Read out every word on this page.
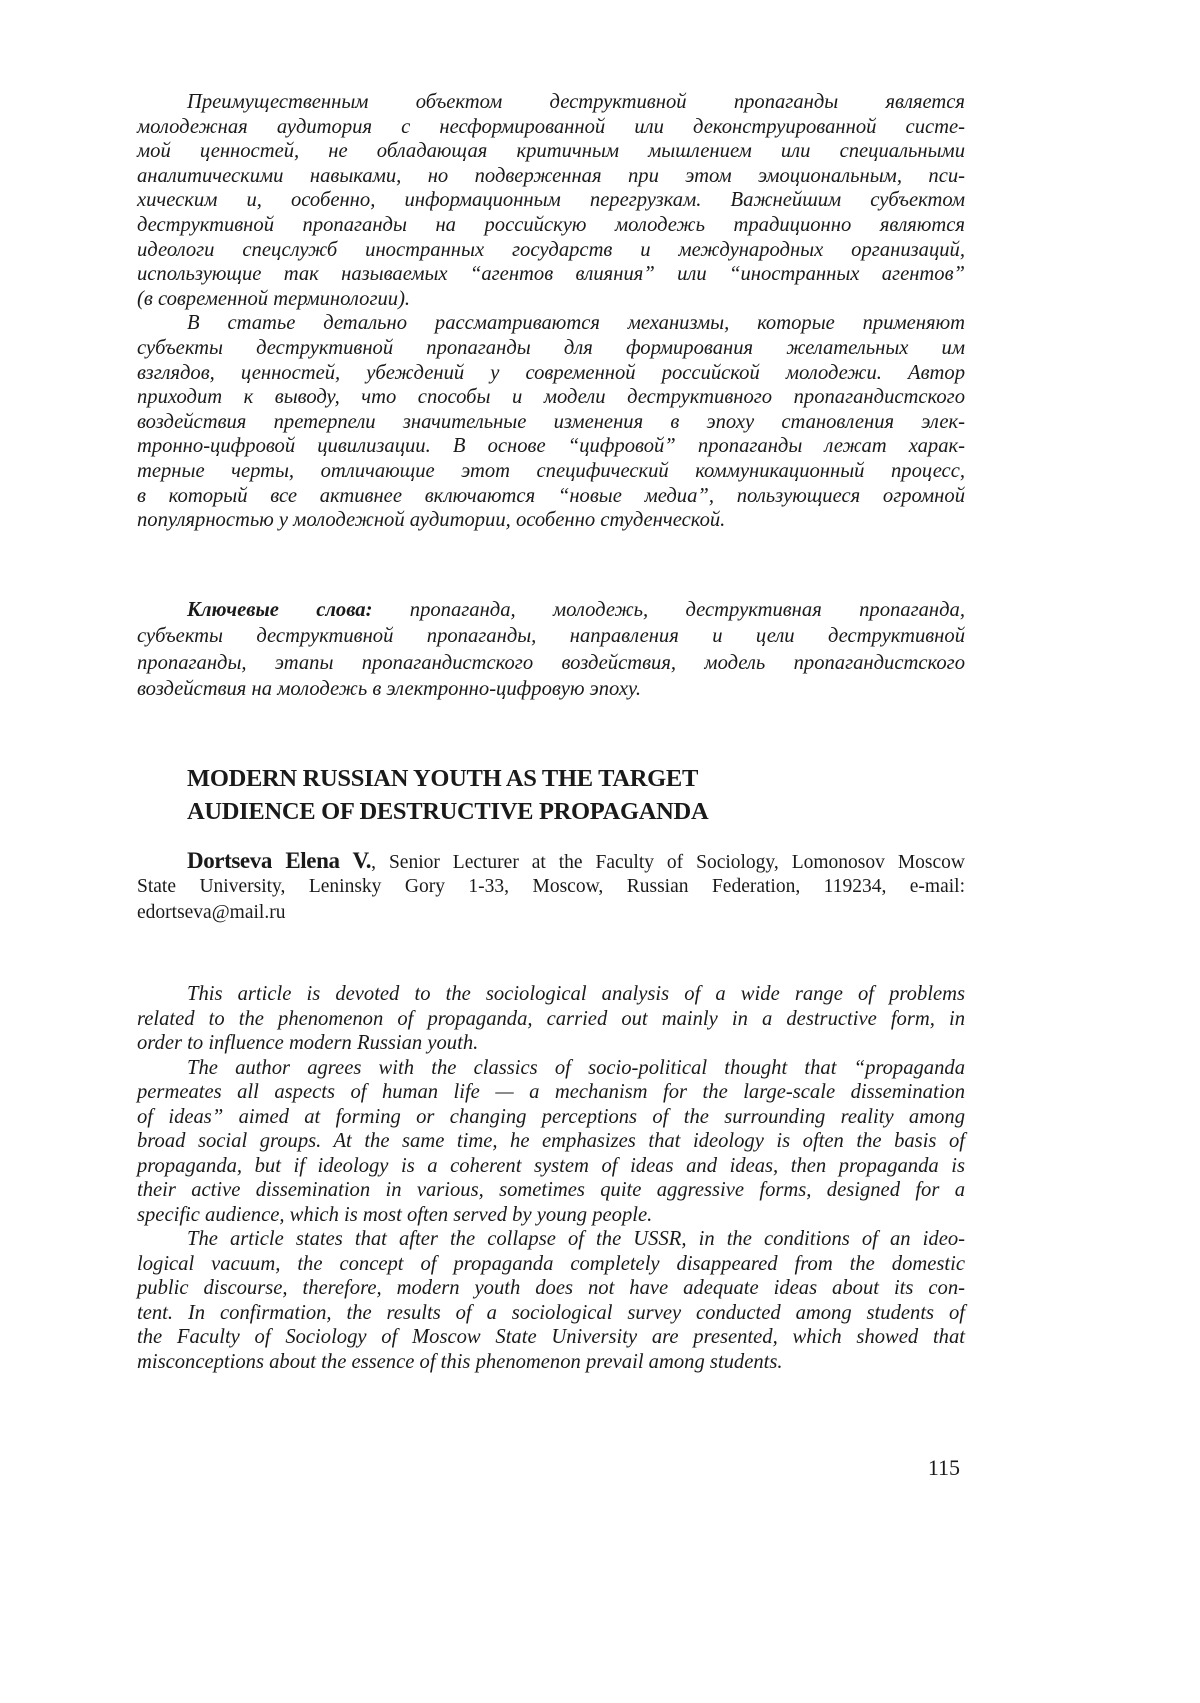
Преимущественным объектом деструктивной пропаганды является
молодежная аудитория с несформированной или деконструированной систе-
мой ценностей, не обладающая критичным мышлением или специальными
аналитическими навыками, но подверженная при этом эмоциональным, пси-
хическим и, особенно, информационным перегрузкам. Важнейшим субъектом
деструктивной пропаганды на российскую молодежь традиционно являются
идеологи спецслужб иностранных государств и международных организаций,
использующие так называемых “агентов влияния” или “иностранных агентов”
(в современной терминологии).
В статье детально рассматриваются механизмы, которые применяют
субъекты деструктивной пропаганды для формирования желательных им
взглядов, ценностей, убеждений у современной российской молодежи. Автор
приходит к выводу, что способы и модели деструктивного пропагандистского
воздействия претерпели значительные изменения в эпоху становления элек-
тронно-цифровой цивилизации. В основе “цифровой” пропаганды лежат харак-
терные черты, отличающие этот специфический коммуникационный процесс,
в который все активнее включаются “новые медиа”, пользующиеся огромной
популярностью у молодежной аудитории, особенно студенческой.
Ключевые слова: пропаганда, молодежь, деструктивная пропаганда,
субъекты деструктивной пропаганды, направления и цели деструктивной
пропаганды, этапы пропагандистского воздействия, модель пропагандистского
воздействия на молодежь в электронно-цифровую эпоху.
MODERN RUSSIAN YOUTH AS THE TARGET
AUDIENCE OF DESTRUCTIVE PROPAGANDA
Dortseva Elena V., Senior Lecturer at the Faculty of Sociology, Lomonosov Moscow
State University, Leninsky Gory 1-33, Moscow, Russian Federation, 119234, e-mail:
edortseva@mail.ru
This article is devoted to the sociological analysis of a wide range of problems
related to the phenomenon of propaganda, carried out mainly in a destructive form, in
order to influence modern Russian youth.
The author agrees with the classics of socio-political thought that “propaganda
permeates all aspects of human life — a mechanism for the large-scale dissemination
of ideas” aimed at forming or changing perceptions of the surrounding reality among
broad social groups. At the same time, he emphasizes that ideology is often the basis of
propaganda, but if ideology is a coherent system of ideas and ideas, then propaganda is
their active dissemination in various, sometimes quite aggressive forms, designed for a
specific audience, which is most often served by young people.
The article states that after the collapse of the USSR, in the conditions of an ideo-
logical vacuum, the concept of propaganda completely disappeared from the domestic
public discourse, therefore, modern youth does not have adequate ideas about its con-
tent. In confirmation, the results of a sociological survey conducted among students of
the Faculty of Sociology of Moscow State University are presented, which showed that
misconceptions about the essence of this phenomenon prevail among students.
115
